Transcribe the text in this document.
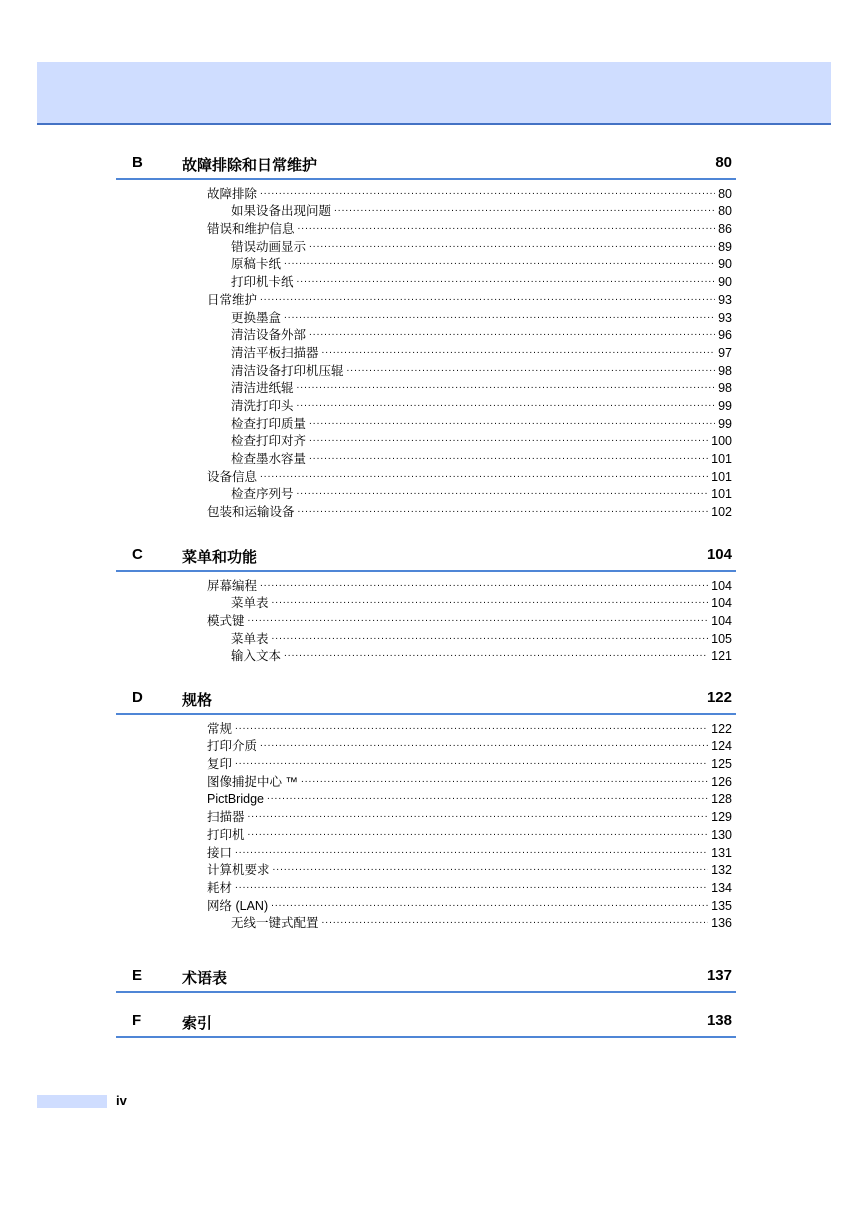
B	故障排除和日常维护	80
故障排除 .....	80
如果设备出现问题 .....	80
错误和维护信息 .....	86
错误动画显示 .....	89
原稿卡纸 .....	90
打印机卡纸 .....	90
日常维护 .....	93
更换墨盒 .....	93
清洁设备外部 .....	96
清洁平板扫描器 .....	97
清洁设备打印机压辊 .....	98
清洁进纸辊 .....	98
清洗打印头 .....	99
检查打印质量 .....	99
检查打印对齐 .....	100
检查墨水容量 .....	101
设备信息 .....	101
检查序列号 .....	101
包装和运输设备 .....	102
C	菜单和功能	104
屏幕编程 .....	104
菜单表 .....	104
模式键 .....	104
菜单表 .....	105
输入文本 .....	121
D	规格	122
常规 .....	122
打印介质 .....	124
复印 .....	125
图像捕捉中心 ™ .....	126
PictBridge .....	128
扫描器 .....	129
打印机 .....	130
接口 .....	131
计算机要求 .....	132
耗材 .....	134
网络 (LAN) .....	135
无线一键式配置 .....	136
E	术语表	137
F	索引	138
iv
